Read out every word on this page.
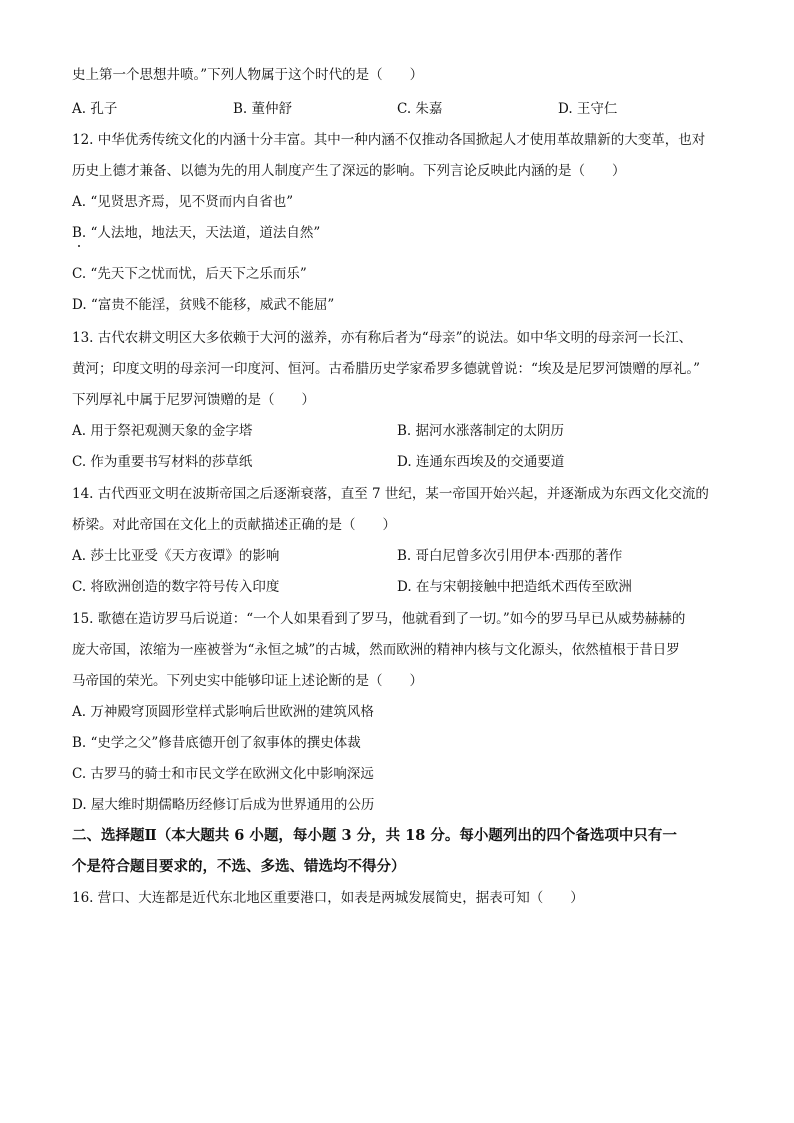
史上第一个思想井喷。”下列人物属于这个时代的是（　　）
A. 孔子	B. 董仲舒	C. 朱嘉	D. 王守仁
12. 中华优秀传统文化的内涵十分丰富。其中一种内涵不仅推动各国掀起人才使用革故鼎新的大变革，也对
历史上德才兼备、以德为先的用人制度产生了深远的影响。下列言论反映此内涵的是（　　）
A. “见贤思齐焉，见不贤而内自省也”
B. “人法地，地法天，天法道，道法自然”
C. “先天下之忧而忧，后天下之乐而乐”
D. “富贵不能淫，贫贱不能移，威武不能屈”
13. 古代农耕文明区大多依赖于大河的滋养，亦有称后者为“母亲”的说法。如中华文明的母亲河一长江、
黄河；印度文明的母亲河一印度河、恒河。古希腊历史学家希罗多德就曾说：“埃及是尼罗河馈赠的厚礼。”
下列厚礼中属于尼罗河馈赠的是（　　）
A. 用于祭祀观测天象的金字塔	B. 据河水涨落制定的太阴历
C. 作为重要书写材料的莎草纸	D. 连通东西埃及的交通要道
14. 古代西亚文明在波斯帝国之后逐渐衰落，直至 7 世纪，某一帝国开始兴起，并逐渐成为东西文化交流的
桥梁。对此帝国在文化上的贡献描述正确的是（　　）
A. 莎士比亚受《天方夜谭》的影响	B. 哥白尼曾多次引用伊本·西那的著作
C. 将欧洲创造的数字符号传入印度	D. 在与宋朝接触中把造纸术西传至欧洲
15. 歌德在造访罗马后说道：“一个人如果看到了罗马，他就看到了一切。”如今的罗马早已从威势赫赫的
庞大帝国，浓缩为一座被誉为“永恒之城”的古城，然而欧洲的精神内核与文化源头，依然植根于昔日罗
马帝国的荣光。下列史实中能够印证上述论断的是（　　）
A. 万神殿穹顶圆形堂样式影响后世欧洲的建筑风格
B. “史学之父”修昔底德开创了叙事体的撰史体裁
C. 古罗马的骑士和市民文学在欧洲文化中影响深远
D. 屋大维时期儒略历经修订后成为世界通用的公历
二、选择题Ⅱ（本大题共 6 小题，每小题 3 分，共 18 分。每小题列出的四个备选项中只有一
个是符合题目要求的，不选、多选、错选均不得分）
16. 营口、大连都是近代东北地区重要港口，如表是两城发展简史，据表可知（　　）
